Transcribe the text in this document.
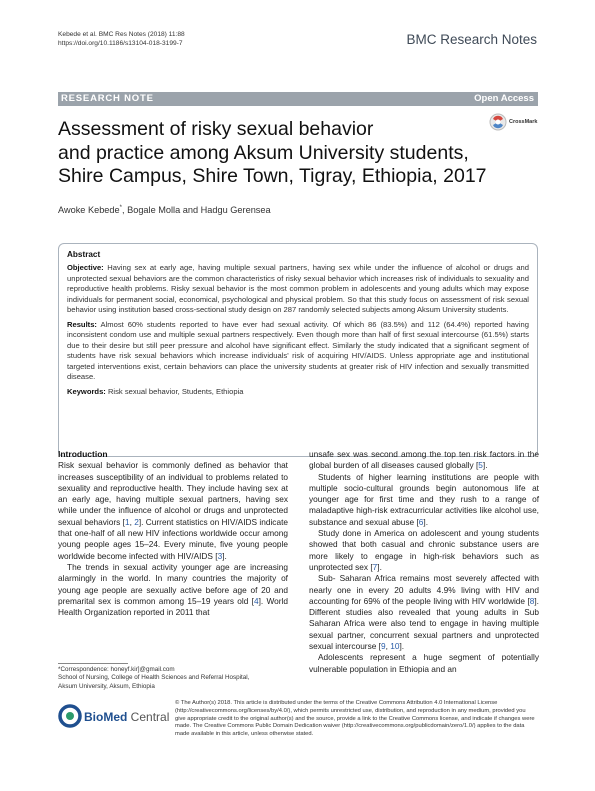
Kebede et al. BMC Res Notes (2018) 11:88
https://doi.org/10.1186/s13104-018-3199-7	BMC Research Notes
RESEARCH NOTE	Open Access
Assessment of risky sexual behavior
and practice among Aksum University students,
Shire Campus, Shire Town, Tigray, Ethiopia, 2017
CrossMark
Awoke Kebede*, Bogale Molla and Hadgu Gerensea
Abstract

Objective: Having sex at early age, having multiple sexual partners, having sex while under the influence of alcohol or drugs and unprotected sexual behaviors are the common characteristics of risky sexual behavior which increases risk of individuals to sexuality and reproductive health problems. Risky sexual behavior is the most common problem in adolescents and young adults which may expose individuals for permanent social, economical, psychological and physical problem. So that this study focus on assessment of risk sexual behavior using institution based cross-sectional study design on 287 randomly selected subjects among Aksum University students.

Results: Almost 60% students reported to have ever had sexual activity. Of which 86 (83.5%) and 112 (64.4%) reported having inconsistent condom use and multiple sexual partners respectively. Even though more than half of first sexual intercourse (61.5%) starts due to their desire but still peer pressure and alcohol have significant effect. Similarly the study indicated that a significant segment of students have risk sexual behaviors which increase individuals' risk of acquiring HIV/AIDS. Unless appropriate age and institutional targeted interventions exist, certain behaviors can place the university students at greater risk of HIV infection and sexually transmitted disease.

Keywords: Risk sexual behavior, Students, Ethiopia

Introduction

Risk sexual behavior is commonly defined as behavior that increases susceptibility of an individual to problems related to sexuality and reproductive health. They include having sex at an early age, having multiple sexual partners, having sex while under the influence of alcohol or drugs and unprotected sexual behaviors [1, 2]. Current statistics on HIV/AIDS indicate that one-half of all new HIV infections worldwide occur among young people ages 15–24. Every minute, five young people worldwide become infected with HIV/AIDS [3].

The trends in sexual activity younger age are increasing alarmingly in the world. In many countries the majority of young age people are sexually active before age of 20 and premarital sex is common among 15–19 years old [4]. World Health Organization reported in 2011 that

unsafe sex was second among the top ten risk factors in the global burden of all diseases caused globally [5].

Students of higher learning institutions are people with multiple socio-cultural grounds begin autonomous life at younger age for first time and they rush to a range of maladaptive high-risk extracurricular activities like alcohol use, substance and sexual abuse [6].

Study done in America on adolescent and young students showed that both casual and chronic substance users are more likely to engage in high-risk behaviors such as unprotected sex [7].

Sub- Saharan Africa remains most severely affected with nearly one in every 20 adults 4.9% living with HIV and accounting for 69% of the people living with HIV worldwide [8]. Different studies also revealed that young adults in Sub Saharan Africa were also tend to engage in having multiple sexual partner, concurrent sexual partners and unprotected sexual intercourse [9, 10].

Adolescents represent a huge segment of potentially vulnerable population in Ethiopia and an

*Correspondence: honeyf.kir]@gmail.com
School of Nursing, College of Health Sciences and Referral Hospital,
Aksum University, Aksum, Ethiopia
BioMed Central
© The Author(s) 2018. This article is distributed under the terms of the Creative Commons Attribution 4.0 International License (http://creativecommons.org/licenses/by/4.0/), which permits unrestricted use, distribution, and reproduction in any medium, provided you give appropriate credit to the original author(s) and the source, provide a link to the Creative Commons license, and indicate if changes were made. The Creative Commons Public Domain Dedication waiver (http://creativecommons.org/publicdomain/zero/1.0/) applies to the data made available in this article, unless otherwise stated.
